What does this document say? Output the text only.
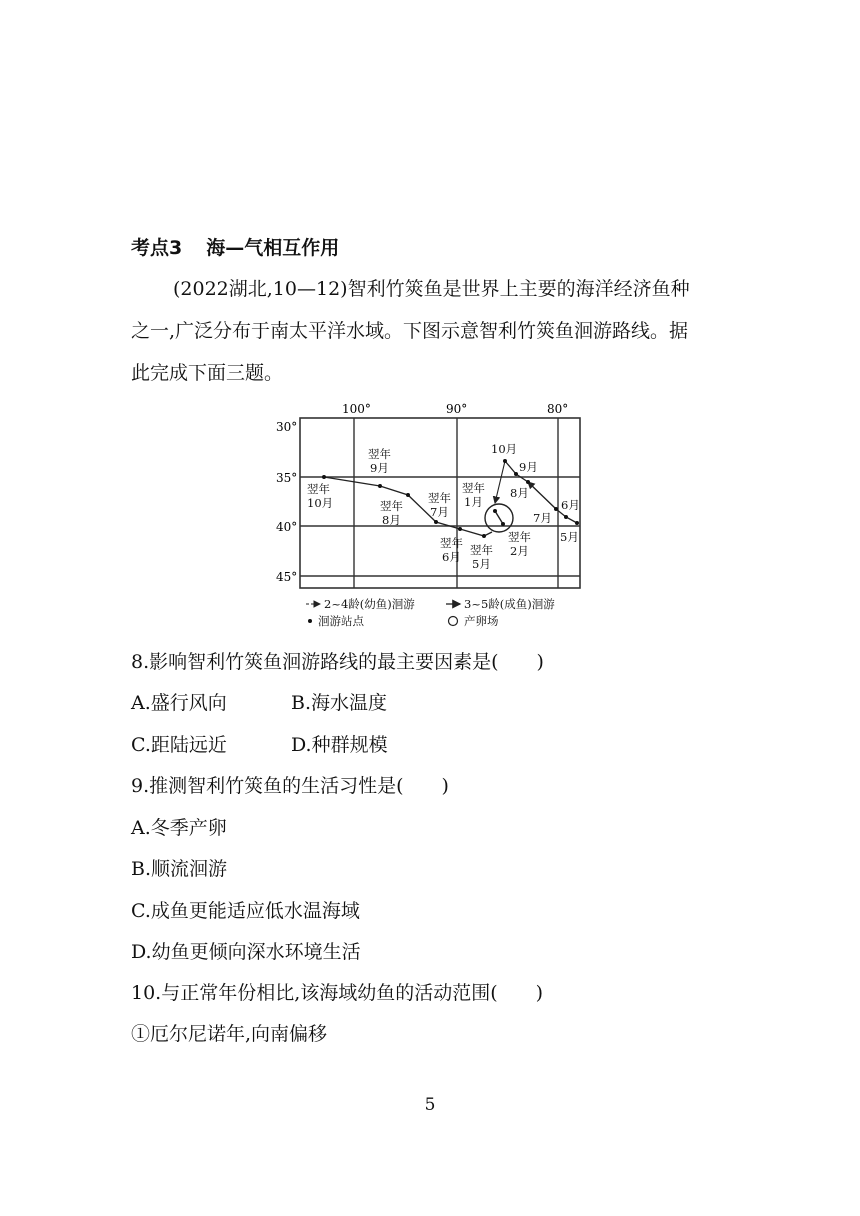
考点3 海—气相互作用
(2022湖北,10—12)智利竹筴鱼是世界上主要的海洋经济鱼种
之一,广泛分布于南太平洋水域。下图示意智利竹筴鱼洄游路线。据
此完成下面三题。
100°	90°	80°
30°
35°
40°
45°
翌年
10月
翌年
9月
翌年
8月
翌年
7月
翌年
1月
10月
9月
8月
7月
6月
5月
翌年
6月 翌年
5月
翌年
2月
2~4龄(幼鱼)洄游	3~5龄(成鱼)洄游
洄游站点	产卵场
8.影响智利竹筴鱼洄游路线的最主要因素是(　　)
A.盛行风向	B.海水温度
C.距陆远近	D.种群规模
9.推测智利竹筴鱼的生活习性是(　　)
A.冬季产卵
B.顺流洄游
C.成鱼更能适应低水温海域
D.幼鱼更倾向深水环境生活
10.与正常年份相比,该海域幼鱼的活动范围(　　)
①厄尔尼诺年,向南偏移
5
